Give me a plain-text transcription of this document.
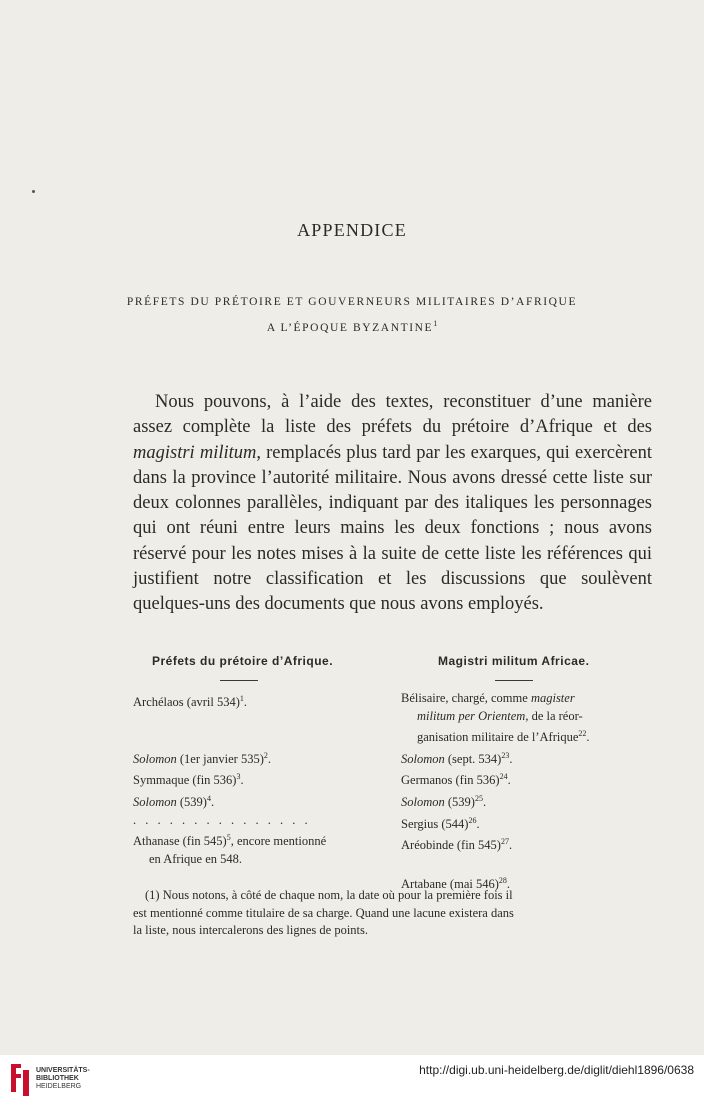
APPENDICE
PRÉFETS DU PRÉTOIRE ET GOUVERNEURS MILITAIRES D’AFRIQUE
A L’ÉPOQUE BYZANTINE$^1$
Nous pouvons, à l’aide des textes, reconstituer d’une manière assez complète la liste des préfets du prétoire d’Afrique et des magistri militum, remplacés plus tard par les exarques, qui exercèrent dans la province l’autorité militaire. Nous avons dressé cette liste sur deux colonnes parallèles, indiquant par des italiques les personnages qui ont réuni entre leurs mains les deux fonctions ; nous avons réservé pour les notes mises à la suite de cette liste les références qui justifient notre classification et les discussions que soulèvent quelques-uns des documents que nous avons employés.
Préfets du prétoire d’Afrique.
Archélaos (avril 534)$^1$.
Solomon (1er janvier 535)$^2$.
Symmaque (fin 536)$^3$.
Solomon $(539)^4$.
. . . . . . . . . . . . . . .
Athanase (fin 545)$^5$, encore mentionné
en Afrique en 548.
Magistri militum Africae.
Bélisaire, chargé, comme magister
militum per Orientem, de la réor-
ganisation militaire de l’Afrique$^{22}$.
Solomon (sept. 534)$^{23}$.
Germanos (fin 536)$^{24}$.
Solomon $(539)^{25}$.
Sergius $(544)^{26}$.
Aréobinde (fin 545)$^{27}$.
Artabane (mai 546)$^{28}$.
(1) Nous notons, à côté de chaque nom, la date où pour la première fois il
est mentionné comme titulaire de sa charge. Quand une lacune existera dans
la liste, nous intercalerons des lignes de points.
UNIVERSITÄTS-
BIBLIOTHEK
HEIDELBERG
http://digi.ub.uni-heidelberg.de/diglit/diehl1896/0638
